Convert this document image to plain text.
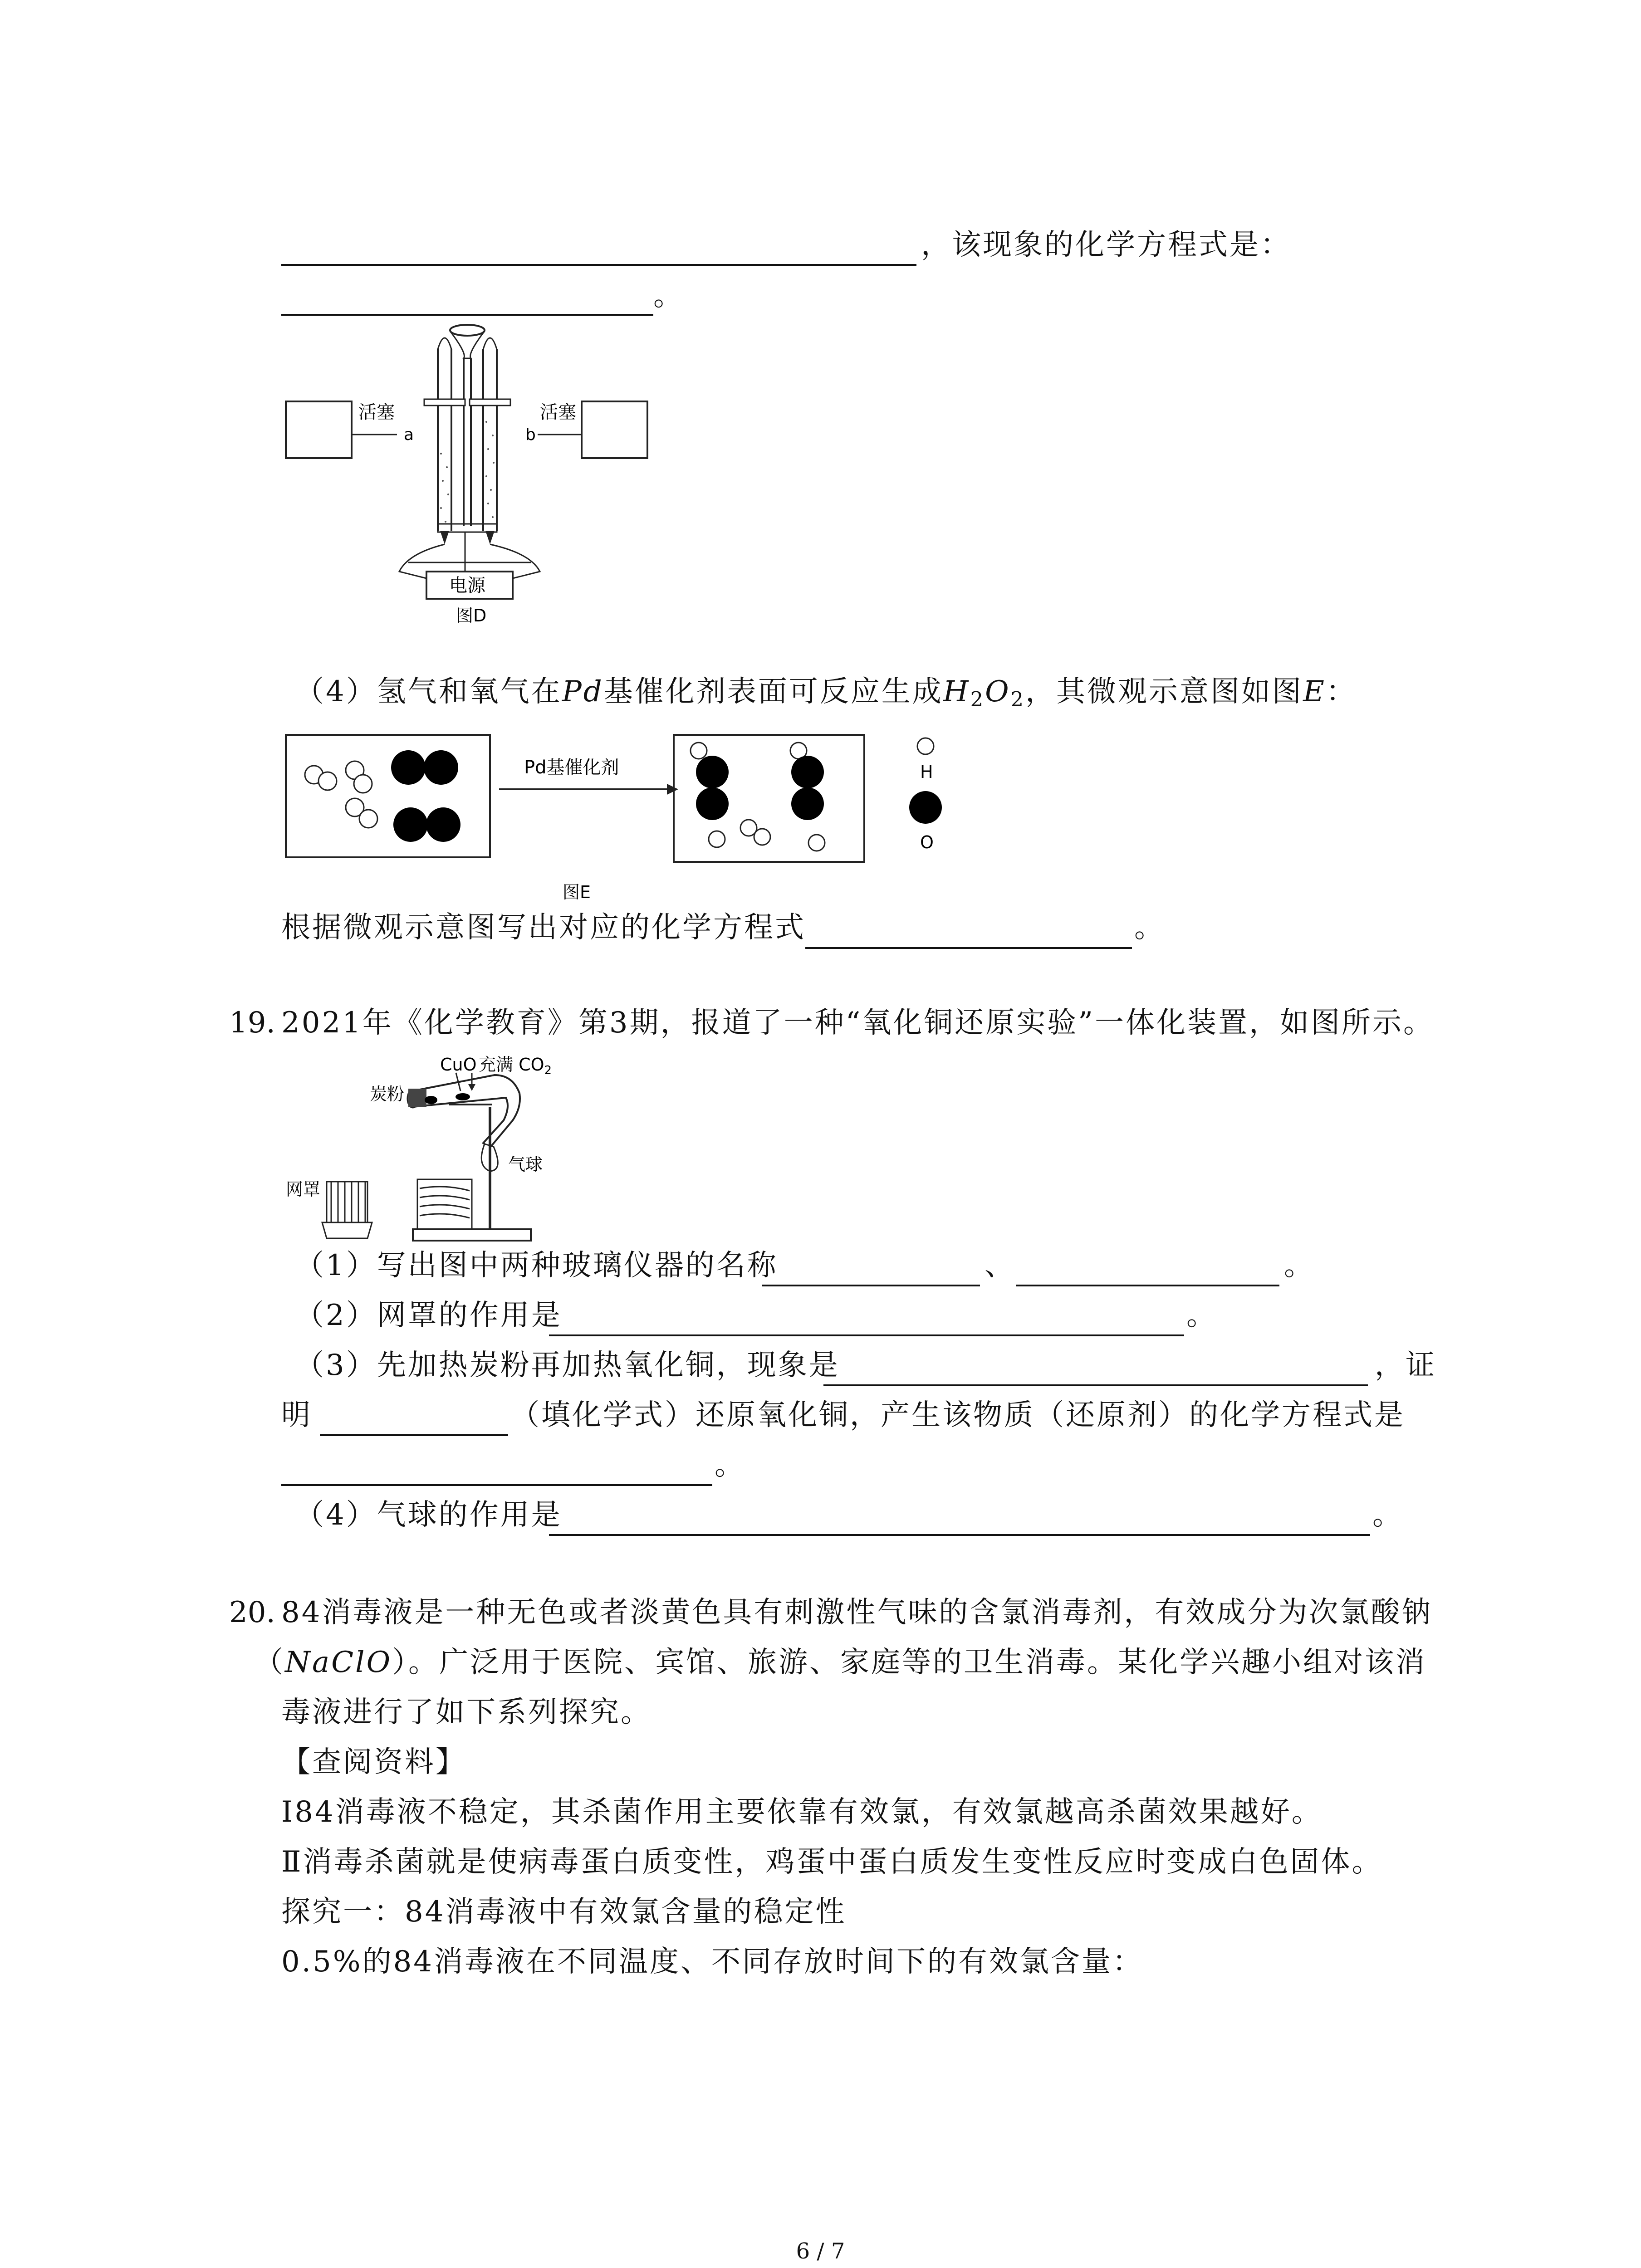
，该现象的化学方程式是：
。
活塞	活塞
a	b
电源
图D
（4）氢气和氧气在Pd基催化剂表面可反应生成$H_2O_2$，其微观示意图如图E：
Pd基催化剂	H
O
图E
根据微观示意图写出对应的化学方程式	。
19. 2021年《化学教育》第3期，报道了一种“氧化铜还原实验”一体化装置，如图所示。
CuO 充满 $CO_2$
炭粉
气球
网罩
（1）写出图中两种玻璃仪器的名称	、	。
（2）网罩的作用是	。
（3）先加热炭粉再加热氧化铜，现象是	，证
明	（填化学式）还原氧化铜，产生该物质（还原剂）的化学方程式是
。
（4）气球的作用是	。
20. 84消毒液是一种无色或者淡黄色具有刺激性气味的含氯消毒剂，有效成分为次氯酸钠
（NaClO）。广泛用于医院、宾馆、旅游、家庭等的卫生消毒。某化学兴趣小组对该消
毒液进行了如下系列探究。
【查阅资料】
Ⅰ84消毒液不稳定，其杀菌作用主要依靠有效氯，有效氯越高杀菌效果越好。
Ⅱ消毒杀菌就是使病毒蛋白质变性，鸡蛋中蛋白质发生变性反应时变成白色固体。
探究一：84消毒液中有效氯含量的稳定性
0.5%的84消毒液在不同温度、不同存放时间下的有效氯含量：
6 / 7
